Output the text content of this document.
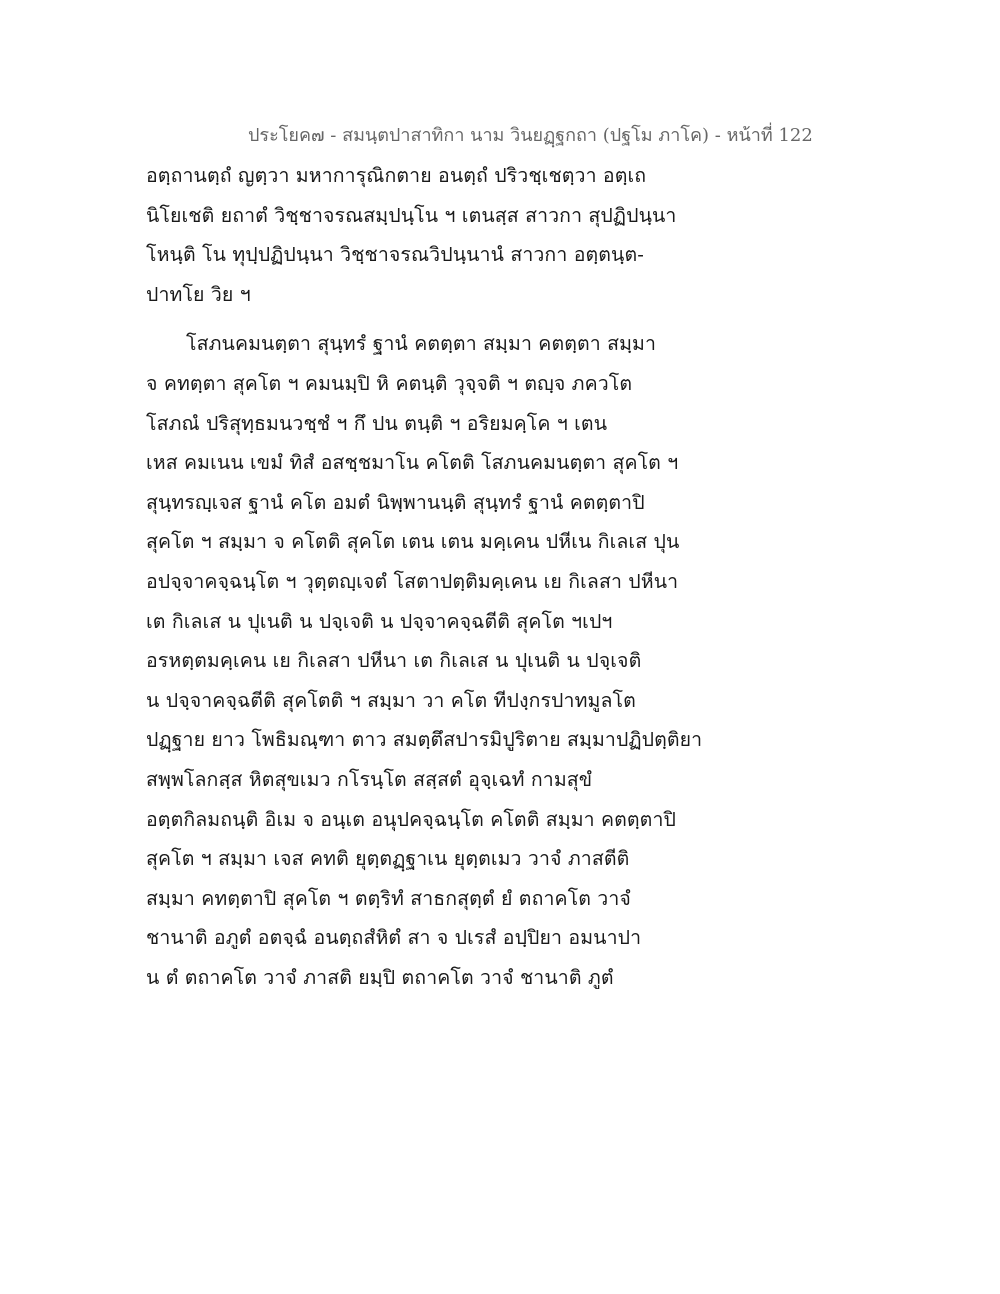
ประโยค๗ - สมนฺตปาสาทิกา นาม วินยฏฺฐกถา (ปฐโม ภาโค) - หน้าที่ 122
อตฺถานตฺถํ ญตฺวา มหาการุณิกตาย อนตฺถํ ปริวชฺเชตฺวา อตฺเถ
นิโยเชติ ยถาตํ วิชฺชาจรณสมฺปนฺโน ฯ เตนสฺส สาวกา สุปฏิปนฺนา
โหนฺติ โน ทุปฺปฏิปนฺนา วิชฺชาจรณวิปนฺนานํ สาวกา อตฺตนฺต-
ปาทโย วิย ฯ
โสภนคมนตฺตา สุนฺทรํ ฐานํ คตตฺตา สมฺมา คตตฺตา สมฺมา
จ คทตฺตา สุคโต ฯ คมนมฺปิ หิ คตนฺติ วุจฺจติ ฯ ตญฺจ ภควโต
โสภณํ ปริสุทฺธมนวชฺชํ ฯ กึ ปน ตนฺติ ฯ อริยมคฺโค ฯ เตน
เหส คมเนน เขมํ ทิสํ อสชฺชมาโน คโตติ โสภนคมนตฺตา สุคโต ฯ
สุนฺทรญฺเจส ฐานํ คโต อมตํ นิพฺพานนฺติ สุนฺทรํ ฐานํ คตตฺตาปิ
สุคโต ฯ สมฺมา จ คโตติ สุคโต เตน เตน มคฺเคน ปหีเน กิเลเส ปุน
อปจฺจาคจฺฉนฺโต ฯ วุตฺตญฺเจตํ โสตาปตฺติมคฺเคน เย กิเลสา ปหีนา
เต กิเลเส น ปุเนติ น ปจฺเจติ น ปจฺจาคจฺฉตีติ สุคโต ฯเปฯ
อรหตฺตมคฺเคน เย กิเลสา ปหีนา เต กิเลเส น ปุเนติ น ปจฺเจติ
น ปจฺจาคจฺฉตีติ สุคโตติ ฯ สมฺมา วา คโต ทีปงฺกรปาทมูลโต
ปฏฺฐาย ยาว โพธิมณฺฑา ตาว สมตฺตึสปารมิปูริตาย สมฺมาปฏิปตฺติยา
สพฺพโลกสฺส หิตสุขเมว กโรนฺโต สสฺสตํ อุจฺเฉทํ กามสุขํ
อตฺตกิลมถนฺติ อิเม จ อนฺเต อนุปคจฺฉนฺโต คโตติ สมฺมา คตตฺตาปิ
สุคโต ฯ สมฺมา เจส คทติ ยุตฺตฏฺฐาเน ยุตฺตเมว วาจํ ภาสตีติ
สมฺมา คทตฺตาปิ สุคโต ฯ ตตฺริทํ สาธกสุตฺตํ ยํ ตถาคโต วาจํ
ชานาติ อภูตํ อตจฺฉํ อนตฺถสํหิตํ สา จ ปเรสํ อปฺปิยา อมนาปา
น ตํ ตถาคโต วาจํ ภาสติ ยมฺปิ ตถาคโต วาจํ ชานาติ ภูตํ
